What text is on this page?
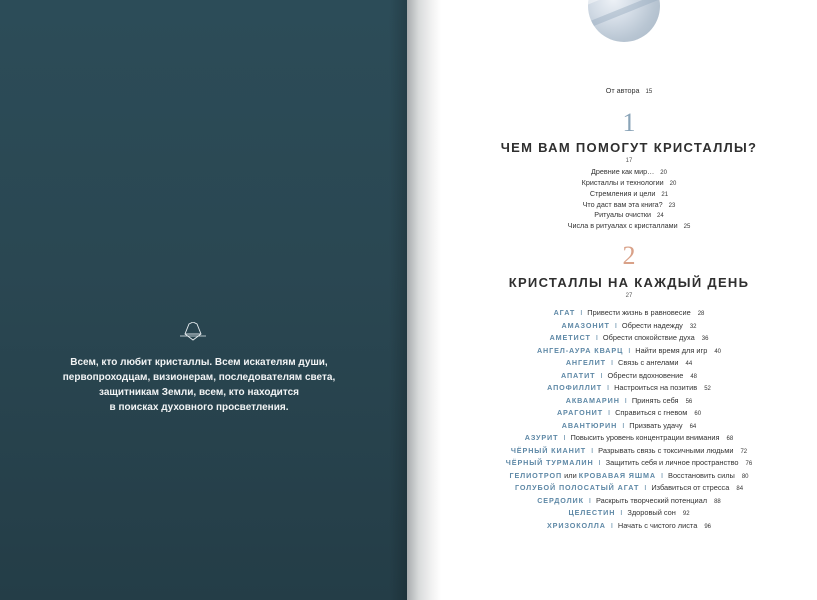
Всем, кто любит кристаллы. Всем искателям души,
первопроходцам, визионерам, последователям света,
защитникам Земли, всем, кто находится
в поисках духовного просветления.
От автора 15
1
ЧЕМ ВАМ ПОМОГУТ КРИСТАЛЛЫ?
17
Древние как мир… 20
Кристаллы и технологии 20
Стремления и цели 21
Что даст вам эта книга? 23
Ритуалы очистки 24
Числа в ритуалах с кристаллами 25
2
КРИСТАЛЛЫ НА КАЖДЫЙ ДЕНЬ
27
АГАТ I Привести жизнь в равновесие 28
АМАЗОНИТ I Обрести надежду 32
АМЕТИСТ I Обрести спокойствие духа 36
АНГЕЛ-АУРА КВАРЦ I Найти время для игр 40
АНГЕЛИТ I Связь с ангелами 44
АПАТИТ I Обрести вдохновение 48
АПОФИЛЛИТ I Настроиться на позитив 52
АКВАМАРИН I Принять себя 56
АРАГОНИТ I Справиться с гневом 60
АВАНТЮРИН I Призвать удачу 64
АЗУРИТ I Повысить уровень концентрации внимания 68
ЧЁРНЫЙ КИАНИТ I Разрывать связь с токсичными людьми 72
ЧЁРНЫЙ ТУРМАЛИН I Защитить себя и личное пространство 76
ГЕЛИОТРОП или КРОВАВАЯ ЯШМА I Восстановить силы 80
ГОЛУБОЙ ПОЛОСАТЫЙ АГАТ I Избавиться от стресса 84
СЕРДОЛИК I Раскрыть творческий потенциал 88
ЦЕЛЕСТИН I Здоровый сон 92
ХРИЗОКОЛЛА I Начать с чистого листа 96
